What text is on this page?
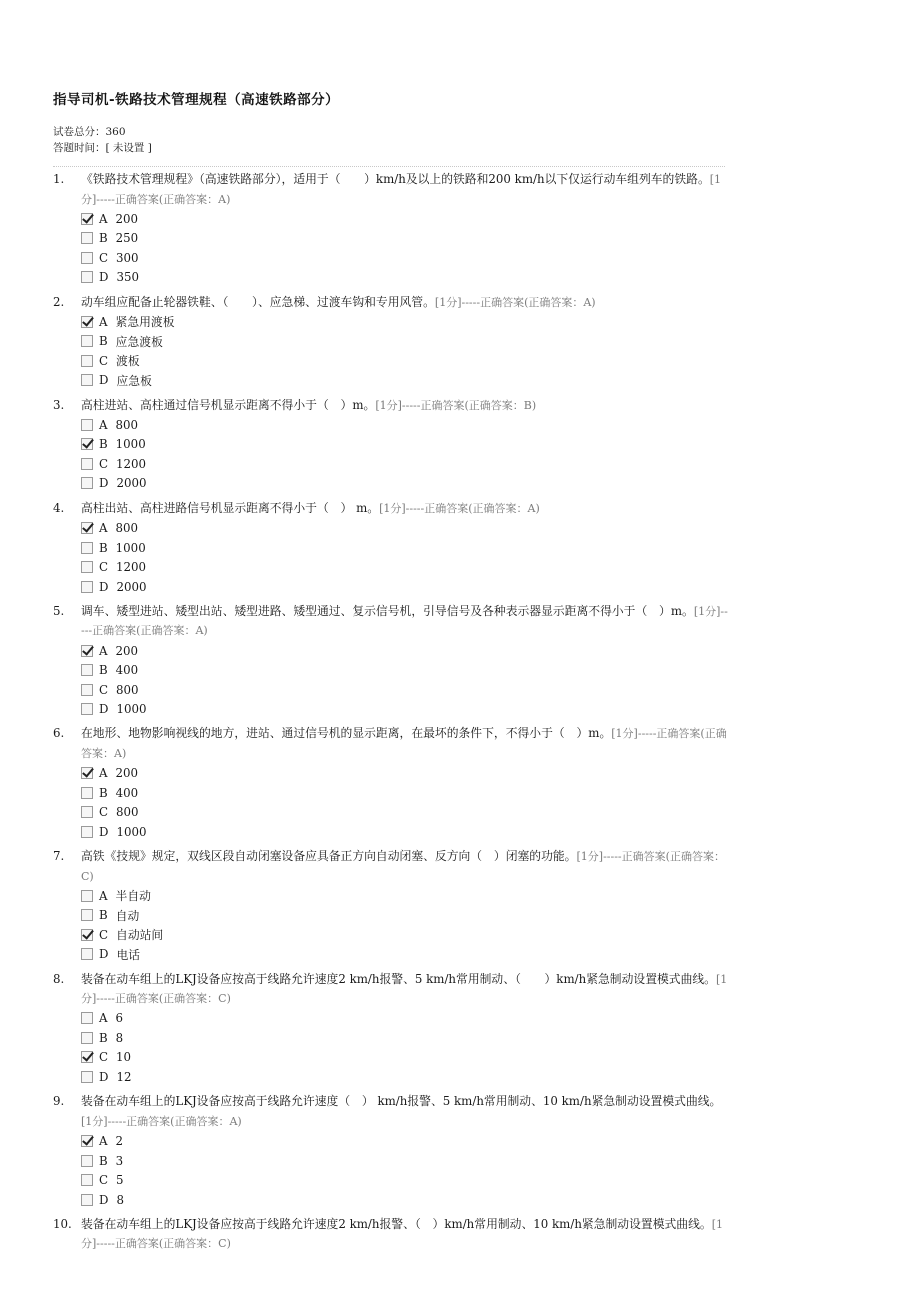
指导司机-铁路技术管理规程（高速铁路部分）
试卷总分：360
答题时间：[ 未设置 ]
1. 《铁路技术管理规程》（高速铁路部分），适用于（　　）km/h及以上的铁路和200 km/h以下仅运行动车组列车的铁路。[1分]-----正确答案(正确答案：A)
A 200
B 250
C 300
D 350
2. 动车组应配备止轮器铁鞋、（　　）、应急梯、过渡车钩和专用风管。[1分]-----正确答案(正确答案：A)
A 紧急用渡板
B 应急渡板
C 渡板
D 应急板
3. 高柱进站、高柱通过信号机显示距离不得小于（　）m。[1分]-----正确答案(正确答案：B)
A 800
B 1000
C 1200
D 2000
4. 高柱出站、高柱进路信号机显示距离不得小于（　） m。[1分]-----正确答案(正确答案：A)
A 800
B 1000
C 1200
D 2000
5. 调车、矮型进站、矮型出站、矮型进路、矮型通过、复示信号机，引导信号及各种表示器显示距离不得小于（　）m。[1分]-----正确答案(正确答案：A)
A 200
B 400
C 800
D 1000
6. 在地形、地物影响视线的地方，进站、通过信号机的显示距离，在最坏的条件下，不得小于（　）m。[1分]-----正确答案(正确答案：A)
A 200
B 400
C 800
D 1000
7. 高铁《技规》规定，双线区段自动闭塞设备应具备正方向自动闭塞、反方向（　）闭塞的功能。[1分]-----正确答案(正确答案：C)
A 半自动
B 自动
C 自动站间
D 电话
8. 装备在动车组上的LKJ设备应按高于线路允许速度2 km/h报警、5 km/h常用制动、（　　）km/h紧急制动设置模式曲线。[1分]-----正确答案(正确答案：C)
A 6
B 8
C 10
D 12
9. 装备在动车组上的LKJ设备应按高于线路允许速度（　） km/h报警、5 km/h常用制动、10 km/h紧急制动设置模式曲线。[1分]-----正确答案(正确答案：A)
A 2
B 3
C 5
D 8
10. 装备在动车组上的LKJ设备应按高于线路允许速度2 km/h报警、（　）km/h常用制动、10 km/h紧急制动设置模式曲线。[1分]-----正确答案(正确答案：C)
